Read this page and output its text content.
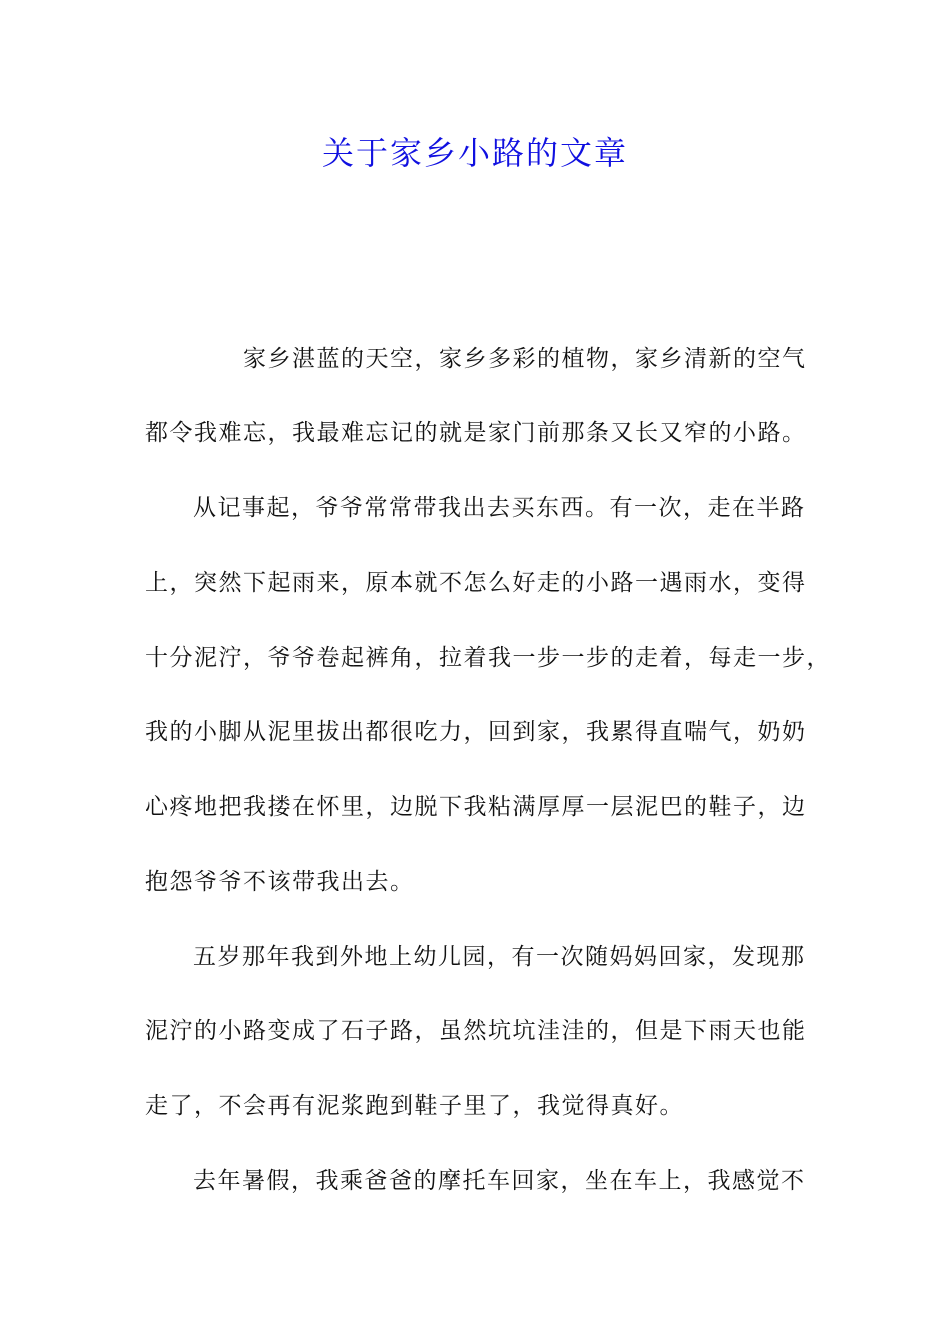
关于家乡小路的文章
家乡湛蓝的天空，家乡多彩的植物，家乡清新的空气
都令我难忘，我最难忘记的就是家门前那条又长又窄的小路。
从记事起，爷爷常常带我出去买东西。有一次，走在半路
上，突然下起雨来，原本就不怎么好走的小路一遇雨水，变得
十分泥泞，爷爷卷起裤角，拉着我一步一步的走着，每走一步，
我的小脚从泥里拔出都很吃力，回到家，我累得直喘气，奶奶
心疼地把我搂在怀里，边脱下我粘满厚厚一层泥巴的鞋子，边
抱怨爷爷不该带我出去。
五岁那年我到外地上幼儿园，有一次随妈妈回家，发现那
泥泞的小路变成了石子路，虽然坑坑洼洼的，但是下雨天也能
走了，不会再有泥浆跑到鞋子里了，我觉得真好。
去年暑假，我乘爸爸的摩托车回家，坐在车上，我感觉不
